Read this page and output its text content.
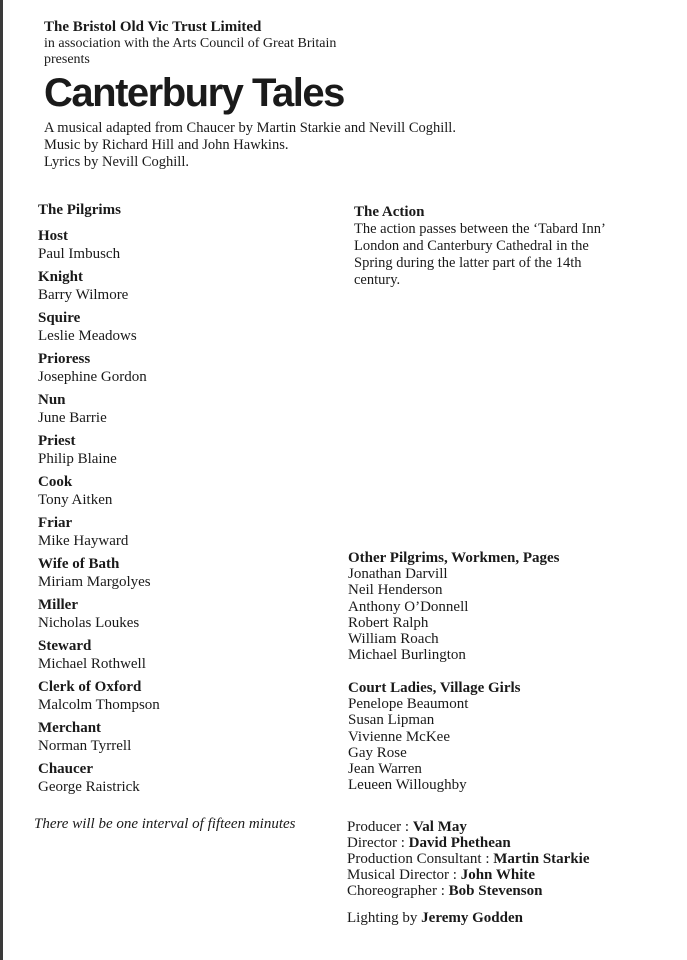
The Bristol Old Vic Trust Limited
in association with the Arts Council of Great Britain
presents
Canterbury Tales
A musical adapted from Chaucer by Martin Starkie and Nevill Coghill.
Music by Richard Hill and John Hawkins.
Lyrics by Nevill Coghill.
The Pilgrims
Host
Paul Imbusch
Knight
Barry Wilmore
Squire
Leslie Meadows
Prioress
Josephine Gordon
Nun
June Barrie
Priest
Philip Blaine
Cook
Tony Aitken
Friar
Mike Hayward
Wife of Bath
Miriam Margolyes
Miller
Nicholas Loukes
Steward
Michael Rothwell
Clerk of Oxford
Malcolm Thompson
Merchant
Norman Tyrrell
Chaucer
George Raistrick
There will be one interval of fifteen minutes
The Action
The action passes between the ‘Tabard Inn’
London and Canterbury Cathedral in the
Spring during the latter part of the 14th
century.
Other Pilgrims, Workmen, Pages
Jonathan Darvill
Neil Henderson
Anthony O’Donnell
Robert Ralph
William Roach
Michael Burlington
Court Ladies, Village Girls
Penelope Beaumont
Susan Lipman
Vivienne McKee
Gay Rose
Jean Warren
Leueen Willoughby
Producer : Val May
Director : David Phethean
Production Consultant : Martin Starkie
Musical Director : John White
Choreographer : Bob Stevenson
Lighting by Jeremy Godden
